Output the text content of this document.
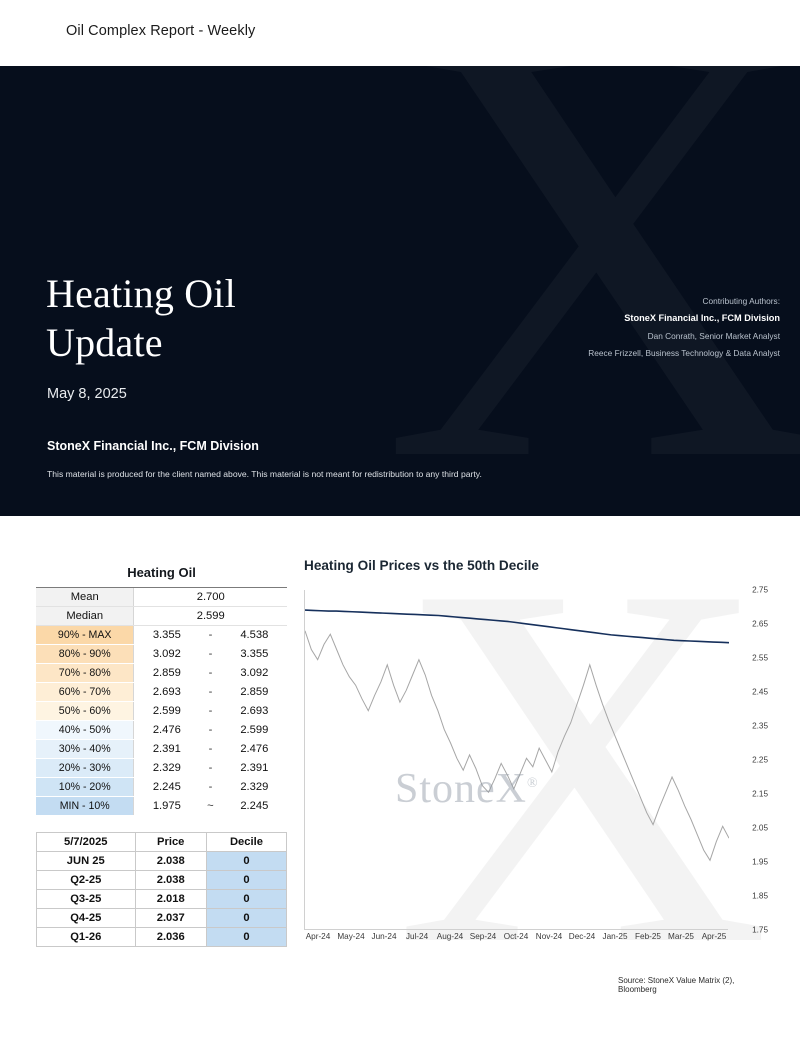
Oil Complex Report - Weekly
Heating Oil
Update
May 8, 2025
StoneX Financial Inc., FCM Division
This material is produced for the client named above. This material is not meant for redistribution to any third party.
Contributing Authors:
StoneX Financial Inc., FCM Division
Dan Conrath, Senior Market Analyst
Reece Frizzell, Business Technology & Data Analyst
Heating Oil			
Mean	2.700		
Median	2.599		
90% - MAX	3.355	-	4.538
80% - 90%	3.092	-	3.355
70% - 80%	2.859	-	3.092
60% - 70%	2.693	-	2.859
50% - 60%	2.599	-	2.693
40% - 50%	2.476	-	2.599
30% - 40%	2.391	-	2.476
20% - 30%	2.329	-	2.391
10% - 20%	2.245	-	2.329
MIN - 10%	1.975	~	2.245
5/7/2025	Price	Decile
JUN 25	2.038	0
Q2-25	2.038	0
Q3-25	2.018	0
Q4-25	2.037	0
Q1-26	2.036	0
Heating Oil Prices vs the 50th Decile
StoneX®
2.75
2.65
2.55
2.45
2.35
2.25
2.15
2.05
1.95
1.85
1.75
Apr-24 May-24 Jun-24 Jul-24 Aug-24 Sep-24 Oct-24 Nov-24 Dec-24 Jan-25 Feb-25 Mar-25 Apr-25
Source: StoneX Value Matrix (2), Bloomberg
